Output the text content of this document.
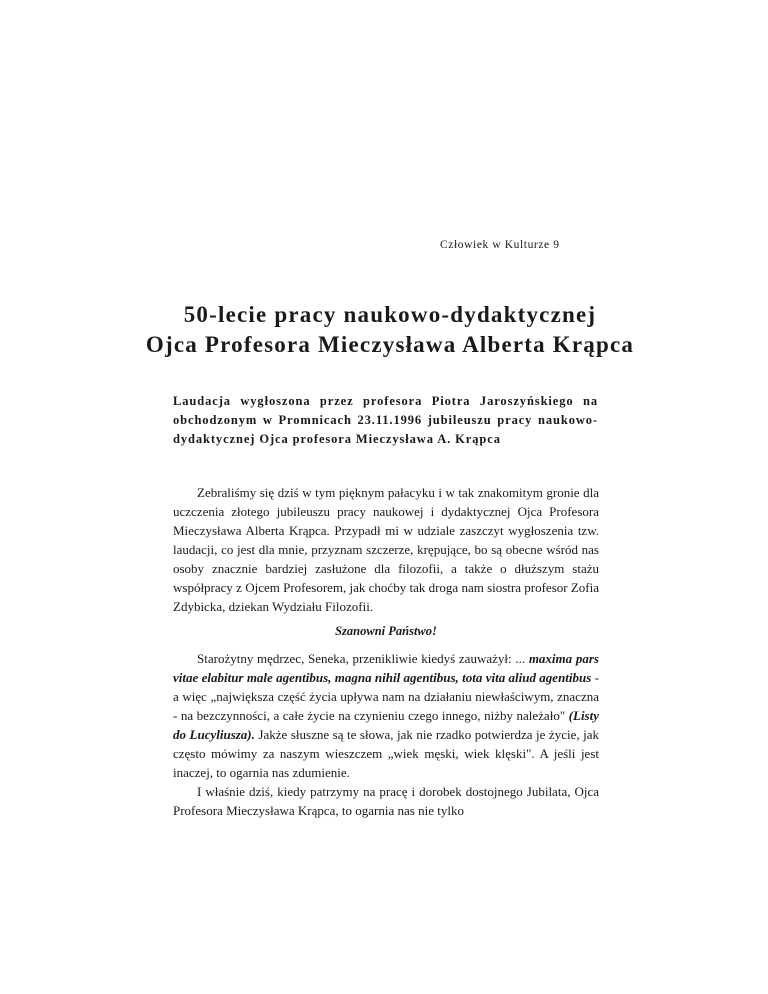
Człowiek w Kulturze 9
50-lecie pracy naukowo-dydaktycznej
Ojca Profesora Mieczysława Alberta Krąpca
Laudacja wygłoszona przez profesora Piotra Jaroszyńskiego na obchodzonym w Promnicach 23.11.1996 jubileuszu pracy naukowo-dydaktycznej Ojca profesora Mieczysława A. Krąpca

Zebraliśmy się dziś w tym pięknym pałacyku i w tak znakomitym gronie dla uczczenia złotego jubileuszu pracy naukowej i dydaktycznej Ojca Profesora Mieczysława Alberta Krąpca. Przypadł mi w udziale zaszczyt wygłoszenia tzw. laudacji, co jest dla mnie, przyznam szczerze, krępujące, bo są obecne wśród nas osoby znacznie bardziej zasłużone dla filozofii, a także o dłuższym stażu współpracy z Ojcem Profesorem, jak choćby tak droga nam siostra profesor Zofia Zdybicka, dziekan Wydziału Filozofii.

Szanowni Państwo!

Starożytny mędrzec, Seneka, przenikliwie kiedyś zauważył: ... maxima pars vitae elabitur male agentibus, magna nihil agentibus, tota vita aliud agentibus - a więc „największa część życia upływa nam na działaniu niewłaściwym, znaczna - na bezczynności, a całe życie na czynieniu czego innego, niżby należało" (Listy do Lucyliusza). Jakże słuszne są te słowa, jak nie rzadko potwierdza je życie, jak często mówimy za naszym wieszczem „wiek męski, wiek klęski". A jeśli jest inaczej, to ogarnia nas zdumienie.

I właśnie dziś, kiedy patrzymy na pracę i dorobek dostojnego Jubilata, Ojca Profesora Mieczysława Krąpca, to ogarnia nas nie tylko
